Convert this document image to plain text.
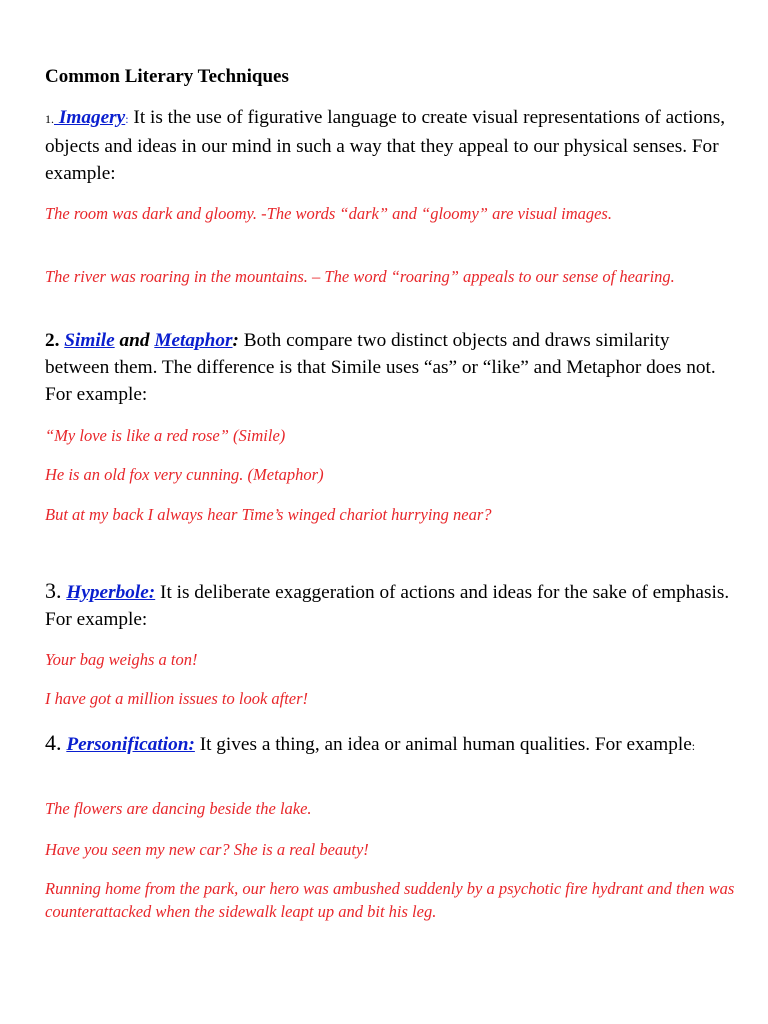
Common Literary Techniques
1. Imagery: It is the use of figurative language to create visual representations of actions, objects and ideas in our mind in such a way that they appeal to our physical senses. For example:
The room was dark and gloomy. -The words “dark” and “gloomy” are visual images.
The river was roaring in the mountains. – The word “roaring” appeals to our sense of hearing.
2. Simile and Metaphor: Both compare two distinct objects and draws similarity between them. The difference is that Simile uses “as” or “like” and Metaphor does not. For example:
“My love is like a red rose” (Simile)
He is an old fox very cunning. (Metaphor)
But at my back I always hear Time’s winged chariot hurrying near?
3. Hyperbole: It is deliberate exaggeration of actions and ideas for the sake of emphasis. For example:
Your bag weighs a ton!
I have got a million issues to look after!
4. Personification: It gives a thing, an idea or animal human qualities. For example:
The flowers are dancing beside the lake.
Have you seen my new car? She is a real beauty!
Running home from the park, our hero was ambushed suddenly by a psychotic fire hydrant and then was counterattacked when the sidewalk leapt up and bit his leg.
